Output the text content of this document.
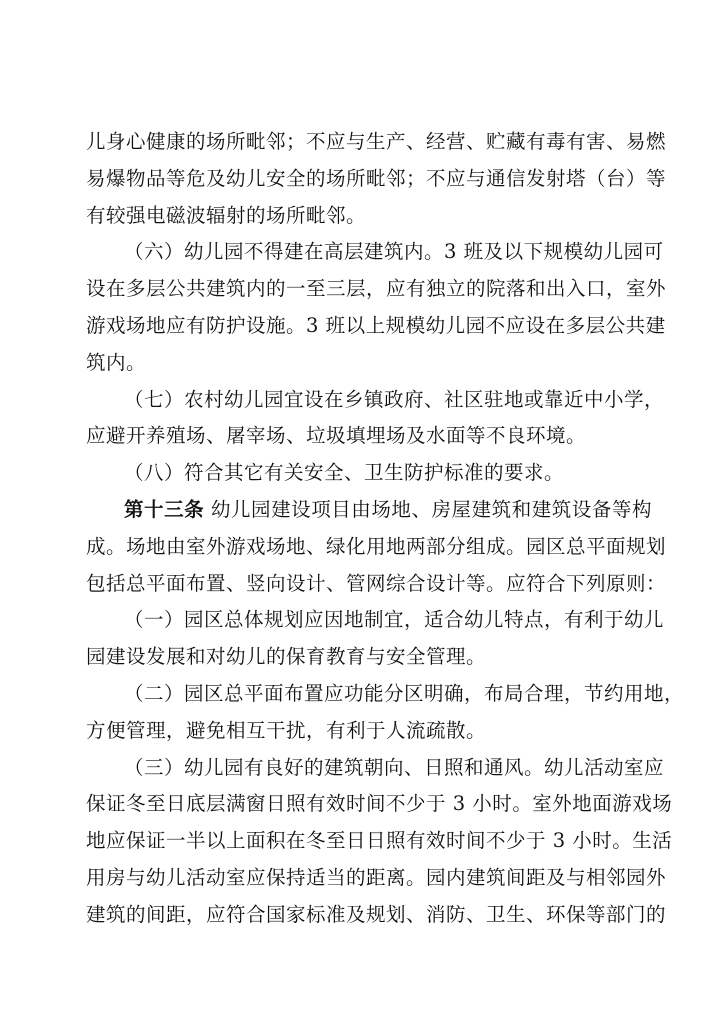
儿身心健康的场所毗邻；不应与生产、经营、贮藏有毒有害、易燃
易爆物品等危及幼儿安全的场所毗邻；不应与通信发射塔（台）等
有较强电磁波辐射的场所毗邻。
（六）幼儿园不得建在高层建筑内。3 班及以下规模幼儿园可
设在多层公共建筑内的一至三层，应有独立的院落和出入口，室外
游戏场地应有防护设施。3 班以上规模幼儿园不应设在多层公共建
筑内。
（七）农村幼儿园宜设在乡镇政府、社区驻地或靠近中小学，
应避开养殖场、屠宰场、垃圾填埋场及水面等不良环境。
（八）符合其它有关安全、卫生防护标准的要求。
第十三条 幼儿园建设项目由场地、房屋建筑和建筑设备等构
成。场地由室外游戏场地、绿化用地两部分组成。园区总平面规划
包括总平面布置、竖向设计、管网综合设计等。应符合下列原则：
（一）园区总体规划应因地制宜，适合幼儿特点，有利于幼儿
园建设发展和对幼儿的保育教育与安全管理。
（二）园区总平面布置应功能分区明确，布局合理，节约用地，
方便管理，避免相互干扰，有利于人流疏散。
（三）幼儿园有良好的建筑朝向、日照和通风。幼儿活动室应
保证冬至日底层满窗日照有效时间不少于 3 小时。室外地面游戏场
地应保证一半以上面积在冬至日日照有效时间不少于 3 小时。生活
用房与幼儿活动室应保持适当的距离。园内建筑间距及与相邻园外
建筑的间距，应符合国家标准及规划、消防、卫生、环保等部门的
